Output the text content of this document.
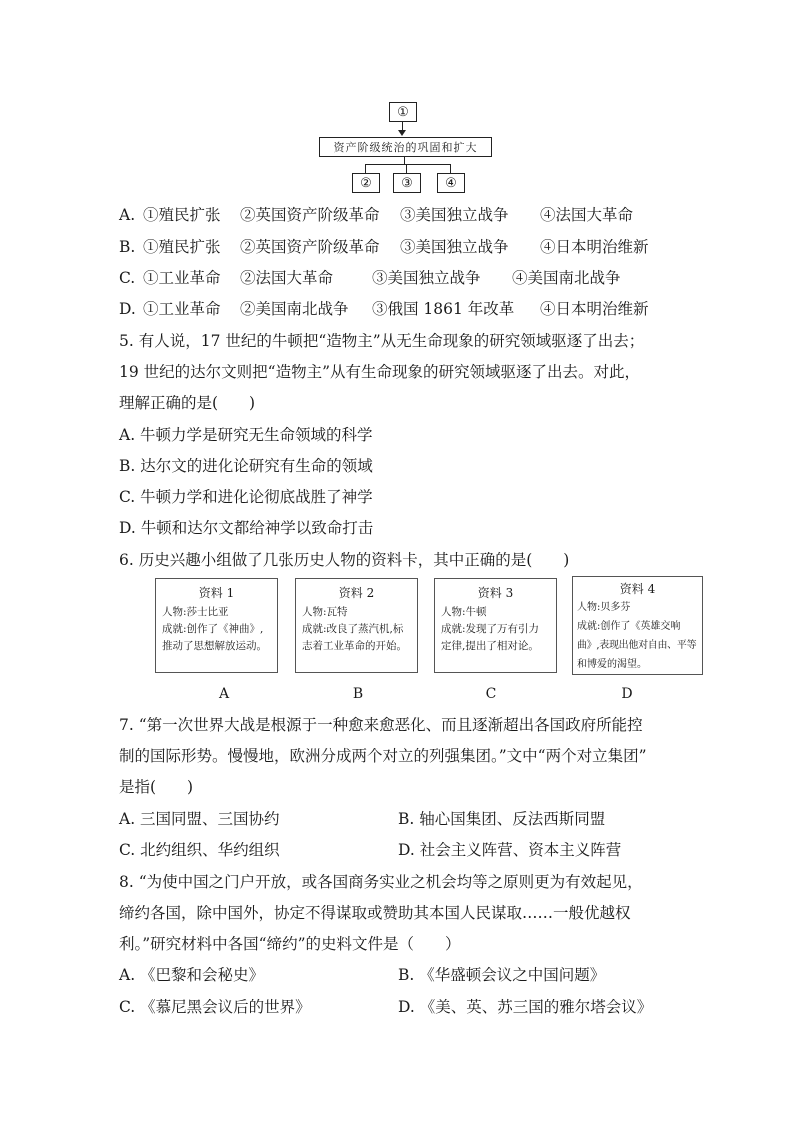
①
资产阶级统治的巩固和扩大
②	③	④
A. ①殖民扩张 ②英国资产阶级革命 ③美国独立战争 ④法国大革命
B. ①殖民扩张 ②英国资产阶级革命 ③美国独立战争 ④日本明治维新
C. ①工业革命 ②法国大革命	③美国独立战争 ④美国南北战争
D. ①工业革命 ②美国南北战争 ③俄国 1861 年改革 ④日本明治维新
5. 有人说，17 世纪的牛顿把“造物主”从无生命现象的研究领域驱逐了出去；
19 世纪的达尔文则把“造物主”从有生命现象的研究领域驱逐了出去。对此，
理解正确的是(　　)
A. 牛顿力学是研究无生命领域的科学
B. 达尔文的进化论研究有生命的领域
C. 牛顿力学和进化论彻底战胜了神学
D. 牛顿和达尔文都给神学以致命打击
6. 历史兴趣小组做了几张历史人物的资料卡，其中正确的是(　　)
资料 1
人物:莎士比亚
成就:创作了《神曲》,
推动了思想解放运动。
资料 2
人物:瓦特
成就:改良了蒸汽机,标
志着工业革命的开始。
资料 3
人物:牛顿
成就:发现了万有引力
定律,提出了相对论。
资料 4
人物:贝多芬
成就:创作了《英雄交响
曲》,表现出他对自由、平等
和博爱的渴望。
A	B	C	D
7. “第一次世界大战是根源于一种愈来愈恶化、而且逐渐超出各国政府所能控
制的国际形势。慢慢地，欧洲分成两个对立的列强集团。”文中“两个对立集团”
是指(　　)
A. 三国同盟、三国协约	B. 轴心国集团、反法西斯同盟
C. 北约组织、华约组织	D. 社会主义阵营、资本主义阵营
8. “为使中国之门户开放，或各国商务实业之机会均等之原则更为有效起见，
缔约各国，除中国外，协定不得谋取或赞助其本国人民谋取……一般优越权
利。”研究材料中各国“缔约”的史料文件是（　　）
A. 《巴黎和会秘史》	B. 《华盛顿会议之中国问题》
C. 《慕尼黑会议后的世界》	D. 《美、英、苏三国的雅尔塔会议》
